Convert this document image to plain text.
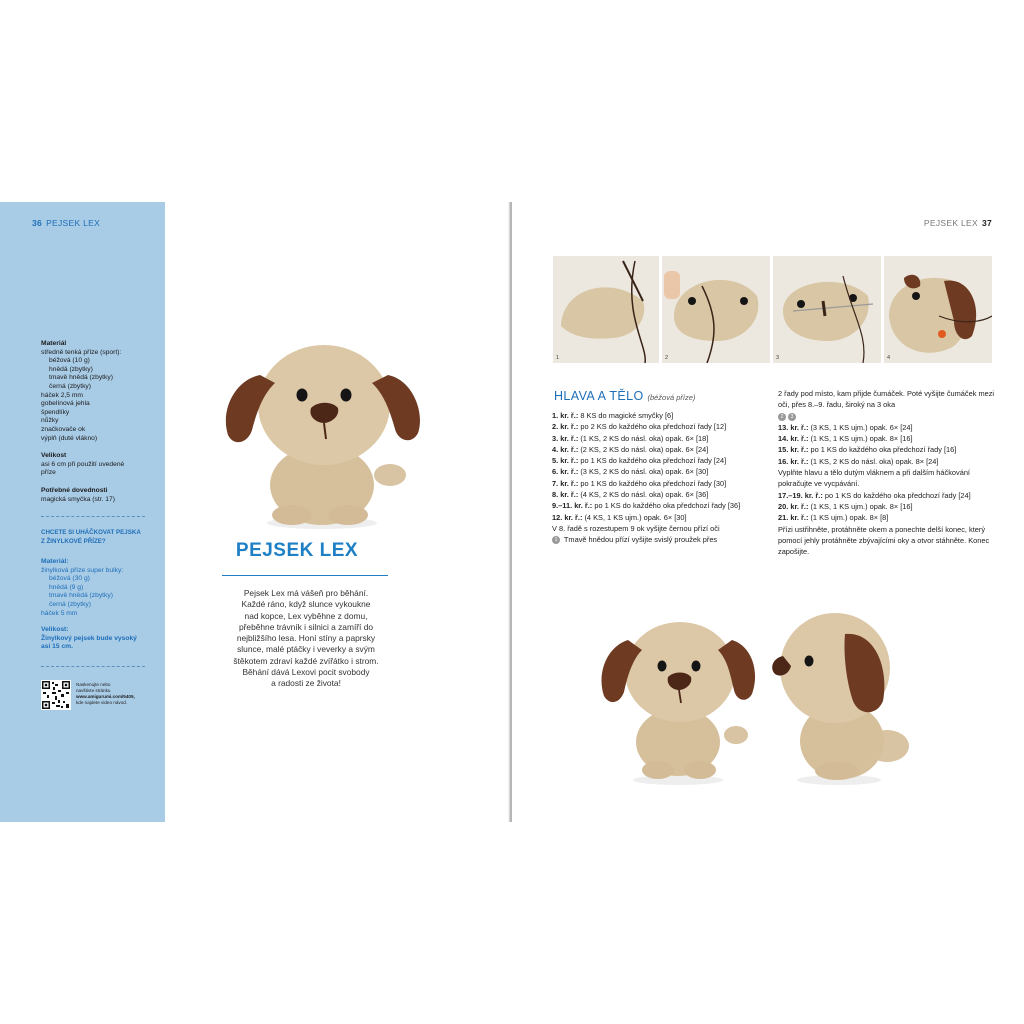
36 PEJSEK LEX
Materiál
středně tenká příze (sport):
béžová (10 g)
hnědá (zbytky)
tmavě hnědá (zbytky)
černá (zbytky)
háček 2,5 mm
gobelínová jehla
špendlíky
nůžky
značkovače ok
výplň (duté vlákno)
Velikost
asi 6 cm při použití uvedené
příze
Potřebné dovednosti
magická smyčka (str. 17)
CHCETE SI UHÁČKOVAT PEJSKA
Z ŽINYLKOVÉ PŘÍZE?
Materiál:
žinylková příze super bulky:
béžová (30 g)
hnědá (9 g)
tmavě hnědá (zbytky)
černá (zbytky)
háček 5 mm
Velikost:
Žinylkový pejsek bude vysoký
asi 15 cm.
Naskenujte nebo
navštivte stránku
www.amigurumi.com/5405,
kde najdete video návod.
PEJSEK LEX
Pejsek Lex má vášeň pro běhání.
Každé ráno, když slunce vykoukne
nad kopce, Lex vyběhne z domu,
přeběhne trávník i silnici a zamíří do
nejbližšího lesa. Honí stíny a paprsky
slunce, malé ptáčky i veverky a svým
štěkotem zdraví každé zvířátko i strom.
Běhání dává Lexovi pocit svobody
a radosti ze života!
PEJSEK LEX 37
1	2	3	4
HLAVA A TĚLO (béžová příze)

1. kr. ř.: 8 KS do magické smyčky [6]

2. kr. ř.: po 2 KS do každého oka předchozí řady [12]

3. kr. ř.: (1 KS, 2 KS do násl. oka) opak. 6× [18]

4. kr. ř.: (2 KS, 2 KS do násl. oka) opak. 6× [24]

5. kr. ř.: po 1 KS do každého oka předchozí řady [24]

6. kr. ř.: (3 KS, 2 KS do násl. oka) opak. 6× [30]

7. kr. ř.: po 1 KS do každého oka předchozí řady [30]

8. kr. ř.: (4 KS, 2 KS do násl. oka) opak. 6× [36]

9.–11. kr. ř.: po 1 KS do každého oka předchozí řady [36]

12. kr. ř.: (4 KS, 1 KS ujm.) opak. 6× [30]

V 8. řadě s rozestupem 9 ok vyšijte černou přízí oči

1 Tmavě hnědou přízí vyšijte svislý proužek přes

2 řady pod místo, kam přijde čumáček. Poté vyšijte čumáček mezi oči, přes 8.–9. řadu, široký na 3 oka

2 3

13. kr. ř.: (3 KS, 1 KS ujm.) opak. 6× [24]

14. kr. ř.: (1 KS, 1 KS ujm.) opak. 8× [16]

15. kr. ř.: po 1 KS do každého oka předchozí řady [16]

16. kr. ř.: (1 KS, 2 KS do násl. oka) opak. 8× [24]

Vyplňte hlavu a tělo dutým vláknem a při dalším háčkování pokračujte ve vycpávání.

17.–19. kr. ř.: po 1 KS do každého oka předchozí řady [24]

20. kr. ř.: (1 KS, 1 KS ujm.) opak. 8× [16]

21. kr. ř.: (1 KS ujm.) opak. 8× [8]

Přízi ustřihněte, protáhněte okem a ponechte delší konec, který pomocí jehly protáhněte zbývajícími oky a otvor stáhněte. Konec zapošijte.
